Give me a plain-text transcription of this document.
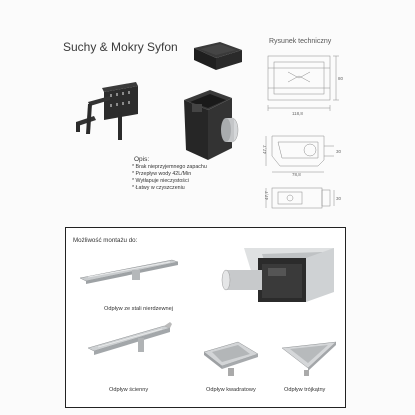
Suchy & Mokry Syfon
Opis:
* Brak nieprzyjemnego zapachu
* Przepływ wody 42L/Min
* Wytłapuje nieczystości
* Łatwy w czyszczeniu
Rysunek techniczny
118,8
80
47,7	30
78,8
47,7	30
Możliwość montażu do:
Odpływ ze stali nierdzewnej
Odpływ ścienny	Odpływ kwadratowy	Odpływ trójkątny
